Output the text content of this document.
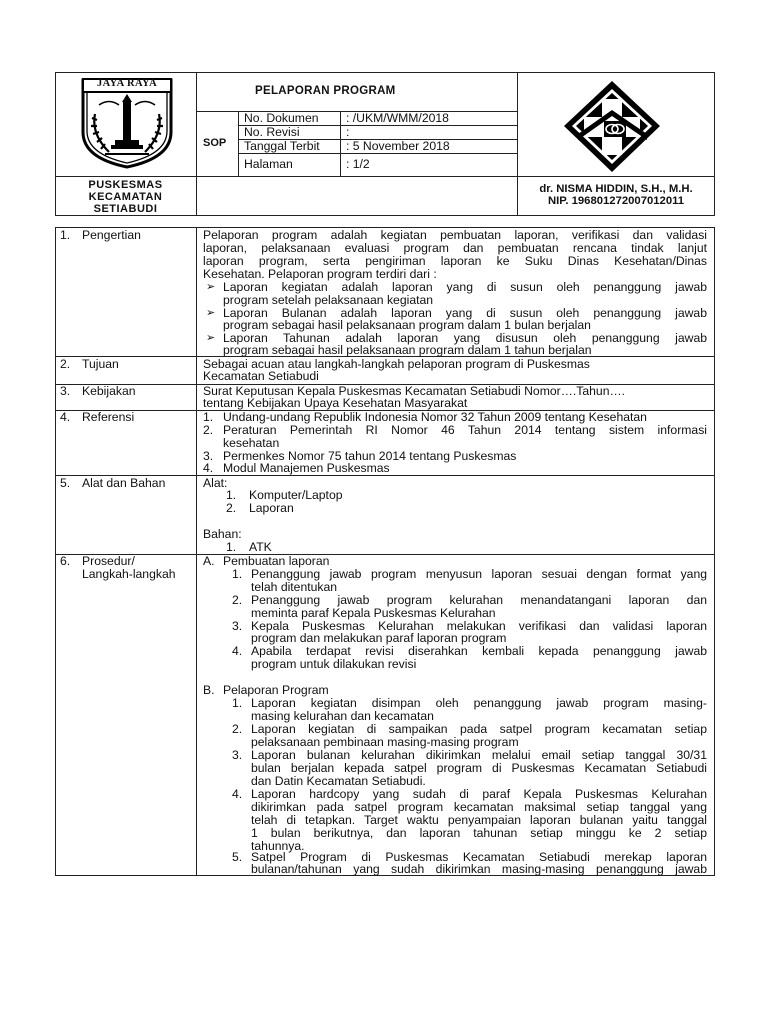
JAYA RAYA
PUSKESMAS
KECAMATAN
SETIABUDI
PELAPORAN PROGRAM
SOP
No. Dokumen : /UKM/WMM/2018
No. Revisi	:
Tanggal Terbit : 5 November 2018
Halaman	: 1/2
dr. NISMA HIDDIN, S.H., M.H.
NIP. 196801272007012011
1. Pengertian	Pelaporan program adalah kegiatan pembuatan laporan, verifikasi dan validasi
laporan, pelaksanaan evaluasi program dan pembuatan rencana tindak lanjut
laporan program, serta pengiriman laporan ke Suku Dinas Kesehatan/Dinas
Kesehatan. Pelaporan program terdiri dari :
➢ Laporan kegiatan adalah laporan yang di susun oleh penanggung jawab
program setelah pelaksanaan kegiatan
➢ Laporan Bulanan adalah laporan yang di susun oleh penanggung jawab
program sebagai hasil pelaksanaan program dalam 1 bulan berjalan
➢ Laporan Tahunan adalah laporan yang disusun oleh penanggung jawab
program sebagai hasil pelaksanaan program dalam 1 tahun berjalan
2. Tujuan	Sebagai acuan atau langkah-langkah pelaporan program di Puskesmas
Kecamatan Setiabudi
3. Kebijakan	Surat Keputusan Kepala Puskesmas Kecamatan Setiabudi Nomor….Tahun….
tentang Kebijakan Upaya Kesehatan Masyarakat
4. Referensi	1. Undang-undang Republik Indonesia Nomor 32 Tahun 2009 tentang Kesehatan
2. Peraturan Pemerintah RI Nomor 46 Tahun 2014 tentang sistem informasi
kesehatan
3. Permenkes Nomor 75 tahun 2014 tentang Puskesmas
4. Modul Manajemen Puskesmas
5. Alat dan Bahan	Alat:
1. Komputer/Laptop
2. Laporan
Bahan:
1. ATK
6. Prosedur/
Langkah-langkah
A. Pembuatan laporan
1. Penanggung jawab program menyusun laporan sesuai dengan format yang
telah ditentukan
2. Penanggung jawab program kelurahan menandatangani laporan dan
meminta paraf Kepala Puskesmas Kelurahan
3. Kepala Puskesmas Kelurahan melakukan verifikasi dan validasi laporan
program dan melakukan paraf laporan program
4. Apabila terdapat revisi diserahkan kembali kepada penanggung jawab
program untuk dilakukan revisi
B. Pelaporan Program
1. Laporan kegiatan disimpan oleh penanggung jawab program masing-
masing kelurahan dan kecamatan
2. Laporan kegiatan di sampaikan pada satpel program kecamatan setiap
pelaksanaan pembinaan masing-masing program
3. Laporan bulanan kelurahan dikirimkan melalui email setiap tanggal 30/31
bulan berjalan kepada satpel program di Puskesmas Kecamatan Setiabudi
dan Datin Kecamatan Setiabudi.
4. Laporan hardcopy yang sudah di paraf Kepala Puskesmas Kelurahan
dikirimkan pada satpel program kecamatan maksimal setiap tanggal yang
telah di tetapkan. Target waktu penyampaian laporan bulanan yaitu tanggal
1 bulan berikutnya, dan laporan tahunan setiap minggu ke 2 setiap
tahunnya.
5. Satpel Program di Puskesmas Kecamatan Setiabudi merekap laporan
bulanan/tahunan yang sudah dikirimkan masing-masing penanggung jawab
